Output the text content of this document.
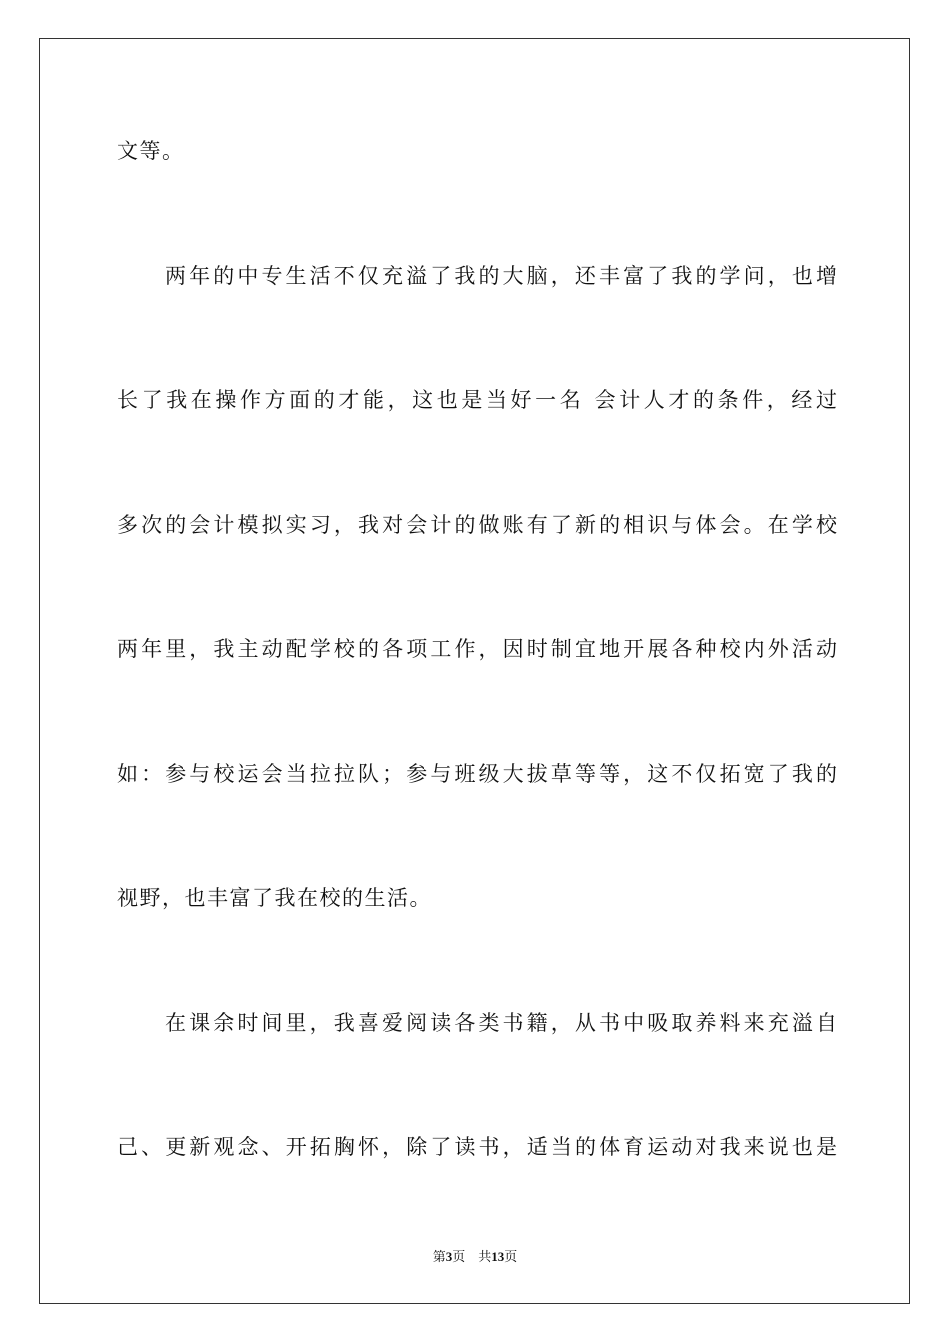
文等。
两年的中专生活不仅充溢了我的大脑，还丰富了我的学问，也增
长了我在操作方面的才能，这也是当好一名 会计人才的条件，经过
多次的会计模拟实习，我对会计的做账有了新的相识与体会。在学校
两年里，我主动配学校的各项工作，因时制宜地开展各种校内外活动
如：参与校运会当拉拉队；参与班级大拔草等等，这不仅拓宽了我的
视野，也丰富了我在校的生活。
在课余时间里，我喜爱阅读各类书籍，从书中吸取养料来充溢自
己、更新观念、开拓胸怀，除了读书，适当的体育运动对我来说也是
第3页 共13页
